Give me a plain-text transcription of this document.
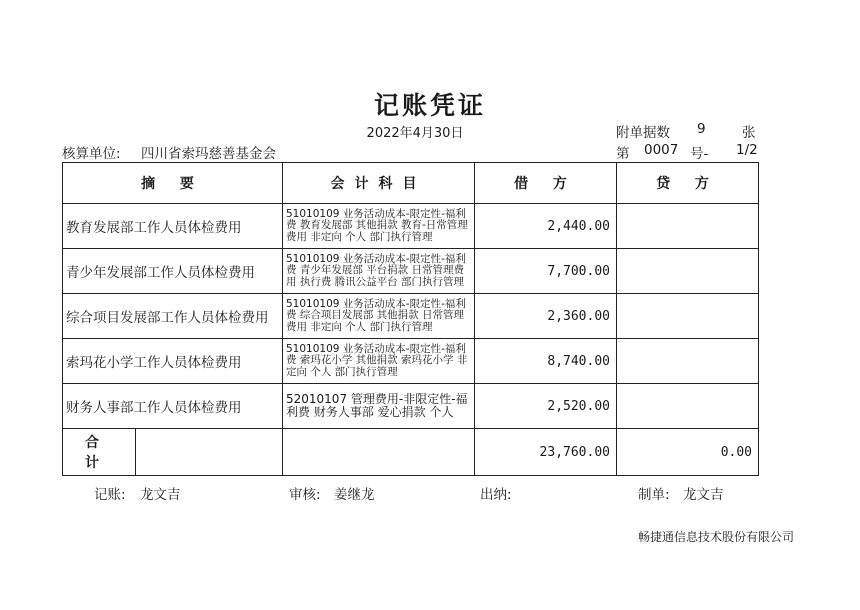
记账凭证
2022年4月30日	附单据数 9	张
核算单位: 四川省索玛慈善基金会	第 0007 号- 1/2
摘 要	会计科目	借 方	贷 方
教育发展部工作人员体检费用	51010109 业务活动成本-限定性-福利费 教育发展部 其他捐款 教育-日常管理费用 非定向 个人 部门执行管理	2,440.00	
青少年发展部工作人员体检费用	51010109 业务活动成本-限定性-福利费 青少年发展部 平台捐款 日常管理费用 执行费 腾讯公益平台 部门执行管理	7,700.00	
综合项目发展部工作人员体检费用	51010109 业务活动成本-限定性-福利费 综合项目发展部 其他捐款 日常管理费用 非定向 个人 部门执行管理	2,360.00	
索玛花小学工作人员体检费用	51010109 业务活动成本-限定性-福利费 索玛花小学 其他捐款 索玛花小学 非定向 个人 部门执行管理	8,740.00	
财务人事部工作人员体检费用	52010107 管理费用-非限定性-福利费 财务人事部 爱心捐款 个人	2,520.00	

合 计		23,760.00	0.00
记账: 龙文吉	审核: 姜继龙	出纳:	制单: 龙文吉
畅捷通信息技术股份有限公司
